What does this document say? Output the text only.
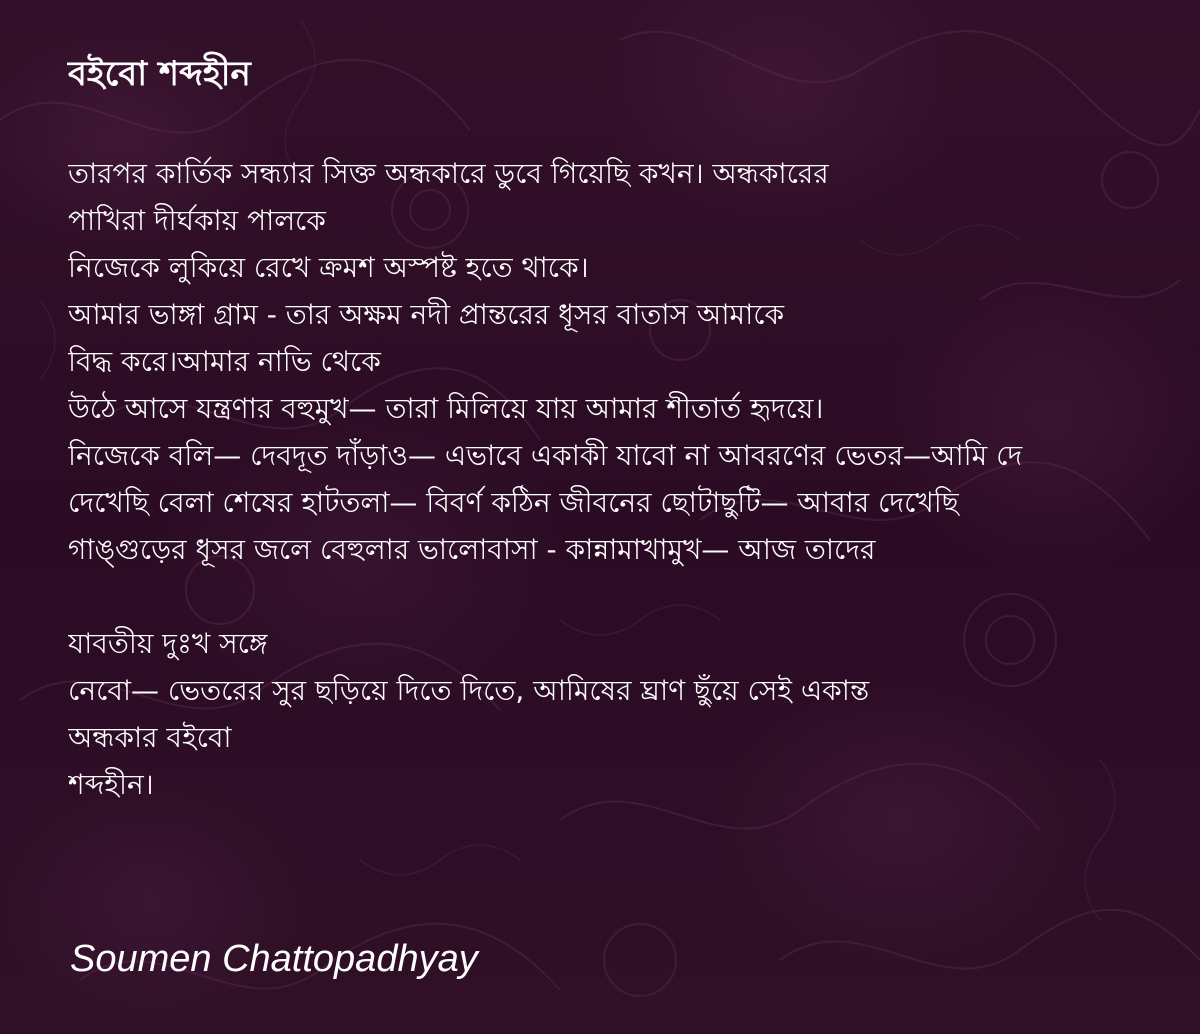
বইবো শব্দহীন
তারপর কার্তিক সন্ধ্যার সিক্ত অন্ধকারে ডুবে গিয়েছি কখন। অন্ধকারের
পাখিরা দীর্ঘকায় পালকে
নিজেকে লুকিয়ে রেখে ক্রমশ অস্পষ্ট হতে থাকে।
আমার ভাঙ্গা গ্রাম - তার অক্ষম নদী প্রান্তরের ধূসর বাতাস আমাকে
বিদ্ধ করে।আমার নাভি থেকে
উঠে আসে যন্ত্রণার বহুমুখ— তারা মিলিয়ে যায় আমার শীতার্ত হৃদয়ে।
নিজেকে বলি— দেবদূত দাঁড়াও— এভাবে একাকী যাবো না আবরণের ভেতর—আমি দে
দেখেছি বেলা শেষের হাটতলা— বিবর্ণ কঠিন জীবনের ছোটাছুটি— আবার দেখেছি
গাঙ্গুড়ের ধূসর জলে বেহুলার ভালোবাসা - কান্নামাখামুখ— আজ তাদের
যাবতীয় দুঃখ সঙ্গে
নেবো— ভেতরের সুর ছড়িয়ে দিতে দিতে, আমিষের ঘ্রাণ ছুঁয়ে সেই একান্ত
অন্ধকার বইবো
শব্দহীন।
Soumen Chattopadhyay
